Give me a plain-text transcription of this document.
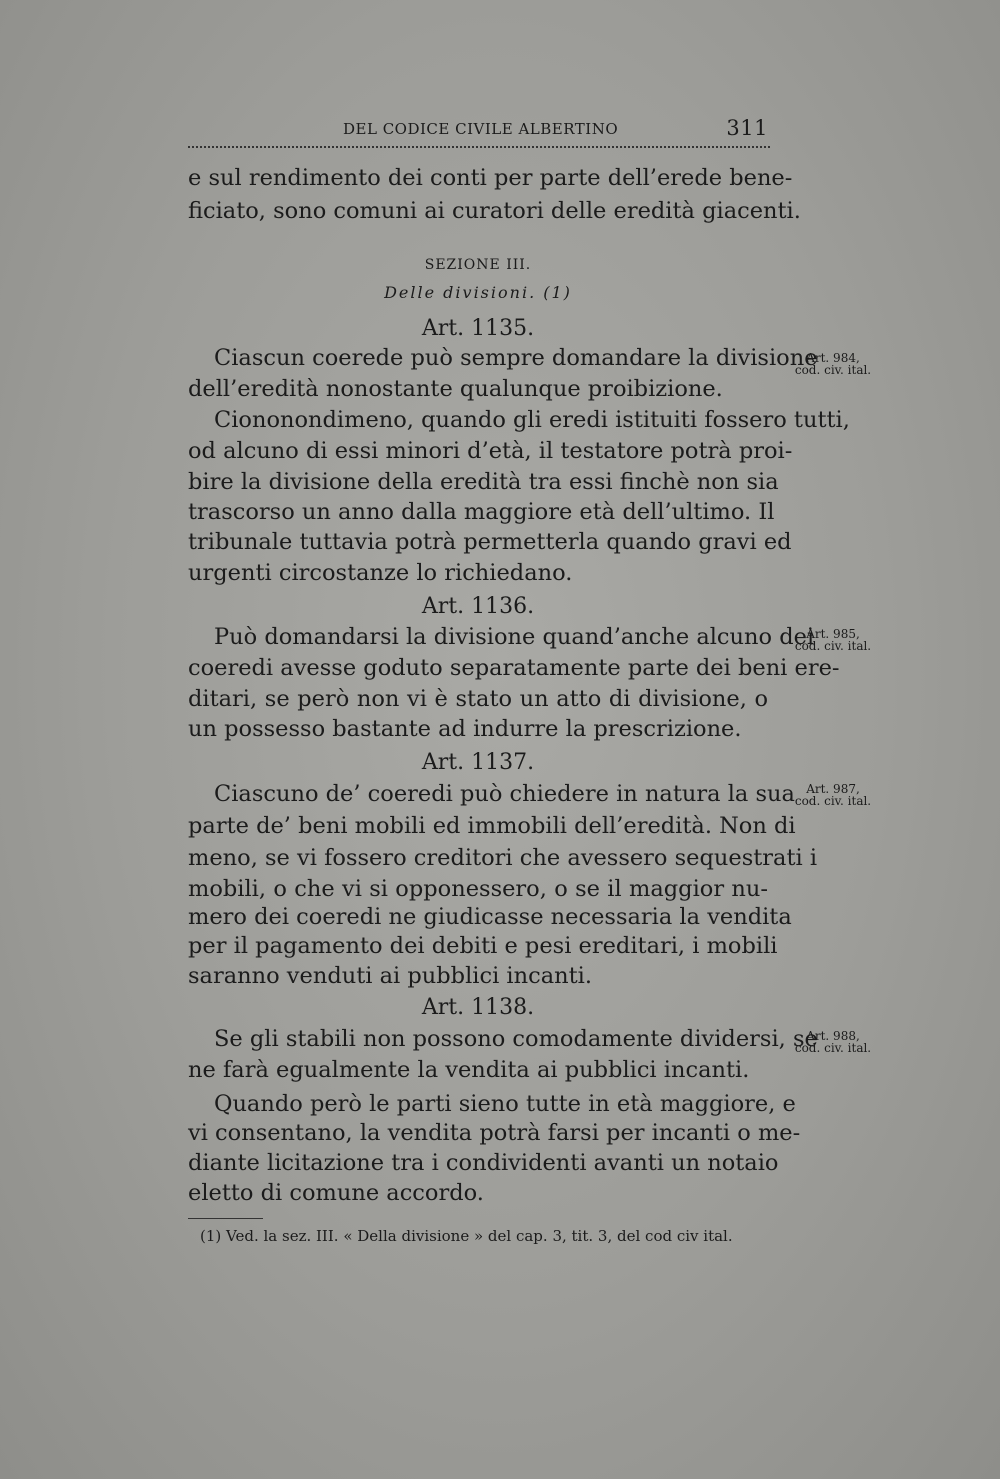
DEL CODICE CIVILE ALBERTINO	311
e sul rendimento dei conti per parte dell’erede bene-
ficiato, sono comuni ai curatori delle eredità giacenti.
SEZIONE III.
Delle divisioni. (1)
Art. 1135.
Ciascun coerede può sempre domandare la divisione
dell’eredità nonostante qualunque proibizione.
Ciononondimeno, quando gli eredi istituiti fossero tutti,
od alcuno di essi minori d’età, il testatore potrà proi-
bire la divisione della eredità tra essi finchè non sia
trascorso un anno dalla maggiore età dell’ultimo. Il
tribunale tuttavia potrà permetterla quando gravi ed
urgenti circostanze lo richiedano.
Art. 1136.
Può domandarsi la divisione quand’anche alcuno dei
coeredi avesse goduto separatamente parte dei beni ere-
ditari, se però non vi è stato un atto di divisione, o
un possesso bastante ad indurre la prescrizione.
Art. 1137.
Ciascuno de’ coeredi può chiedere in natura la sua
parte de’ beni mobili ed immobili dell’eredità. Non di
meno, se vi fossero creditori che avessero sequestrati i
mobili, o che vi si opponessero, o se il maggior nu-
mero dei coeredi ne giudicasse necessaria la vendita
per il pagamento dei debiti e pesi ereditari, i mobili
saranno venduti ai pubblici incanti.
Art. 1138.
Se gli stabili non possono comodamente dividersi, se
ne farà egualmente la vendita ai pubblici incanti.
Quando però le parti sieno tutte in età maggiore, e
vi consentano, la vendita potrà farsi per incanti o me-
diante licitazione tra i condividenti avanti un notaio
eletto di comune accordo.
Art. 984,
cod. civ. ital.
Art. 985,
cod. civ. ital.
Art. 987,
cod. civ. ital.
Art. 988,
cod. civ. ital.
(1) Ved. la sez. III. « Della divisione » del cap. 3, tit. 3, del cod civ ital.
